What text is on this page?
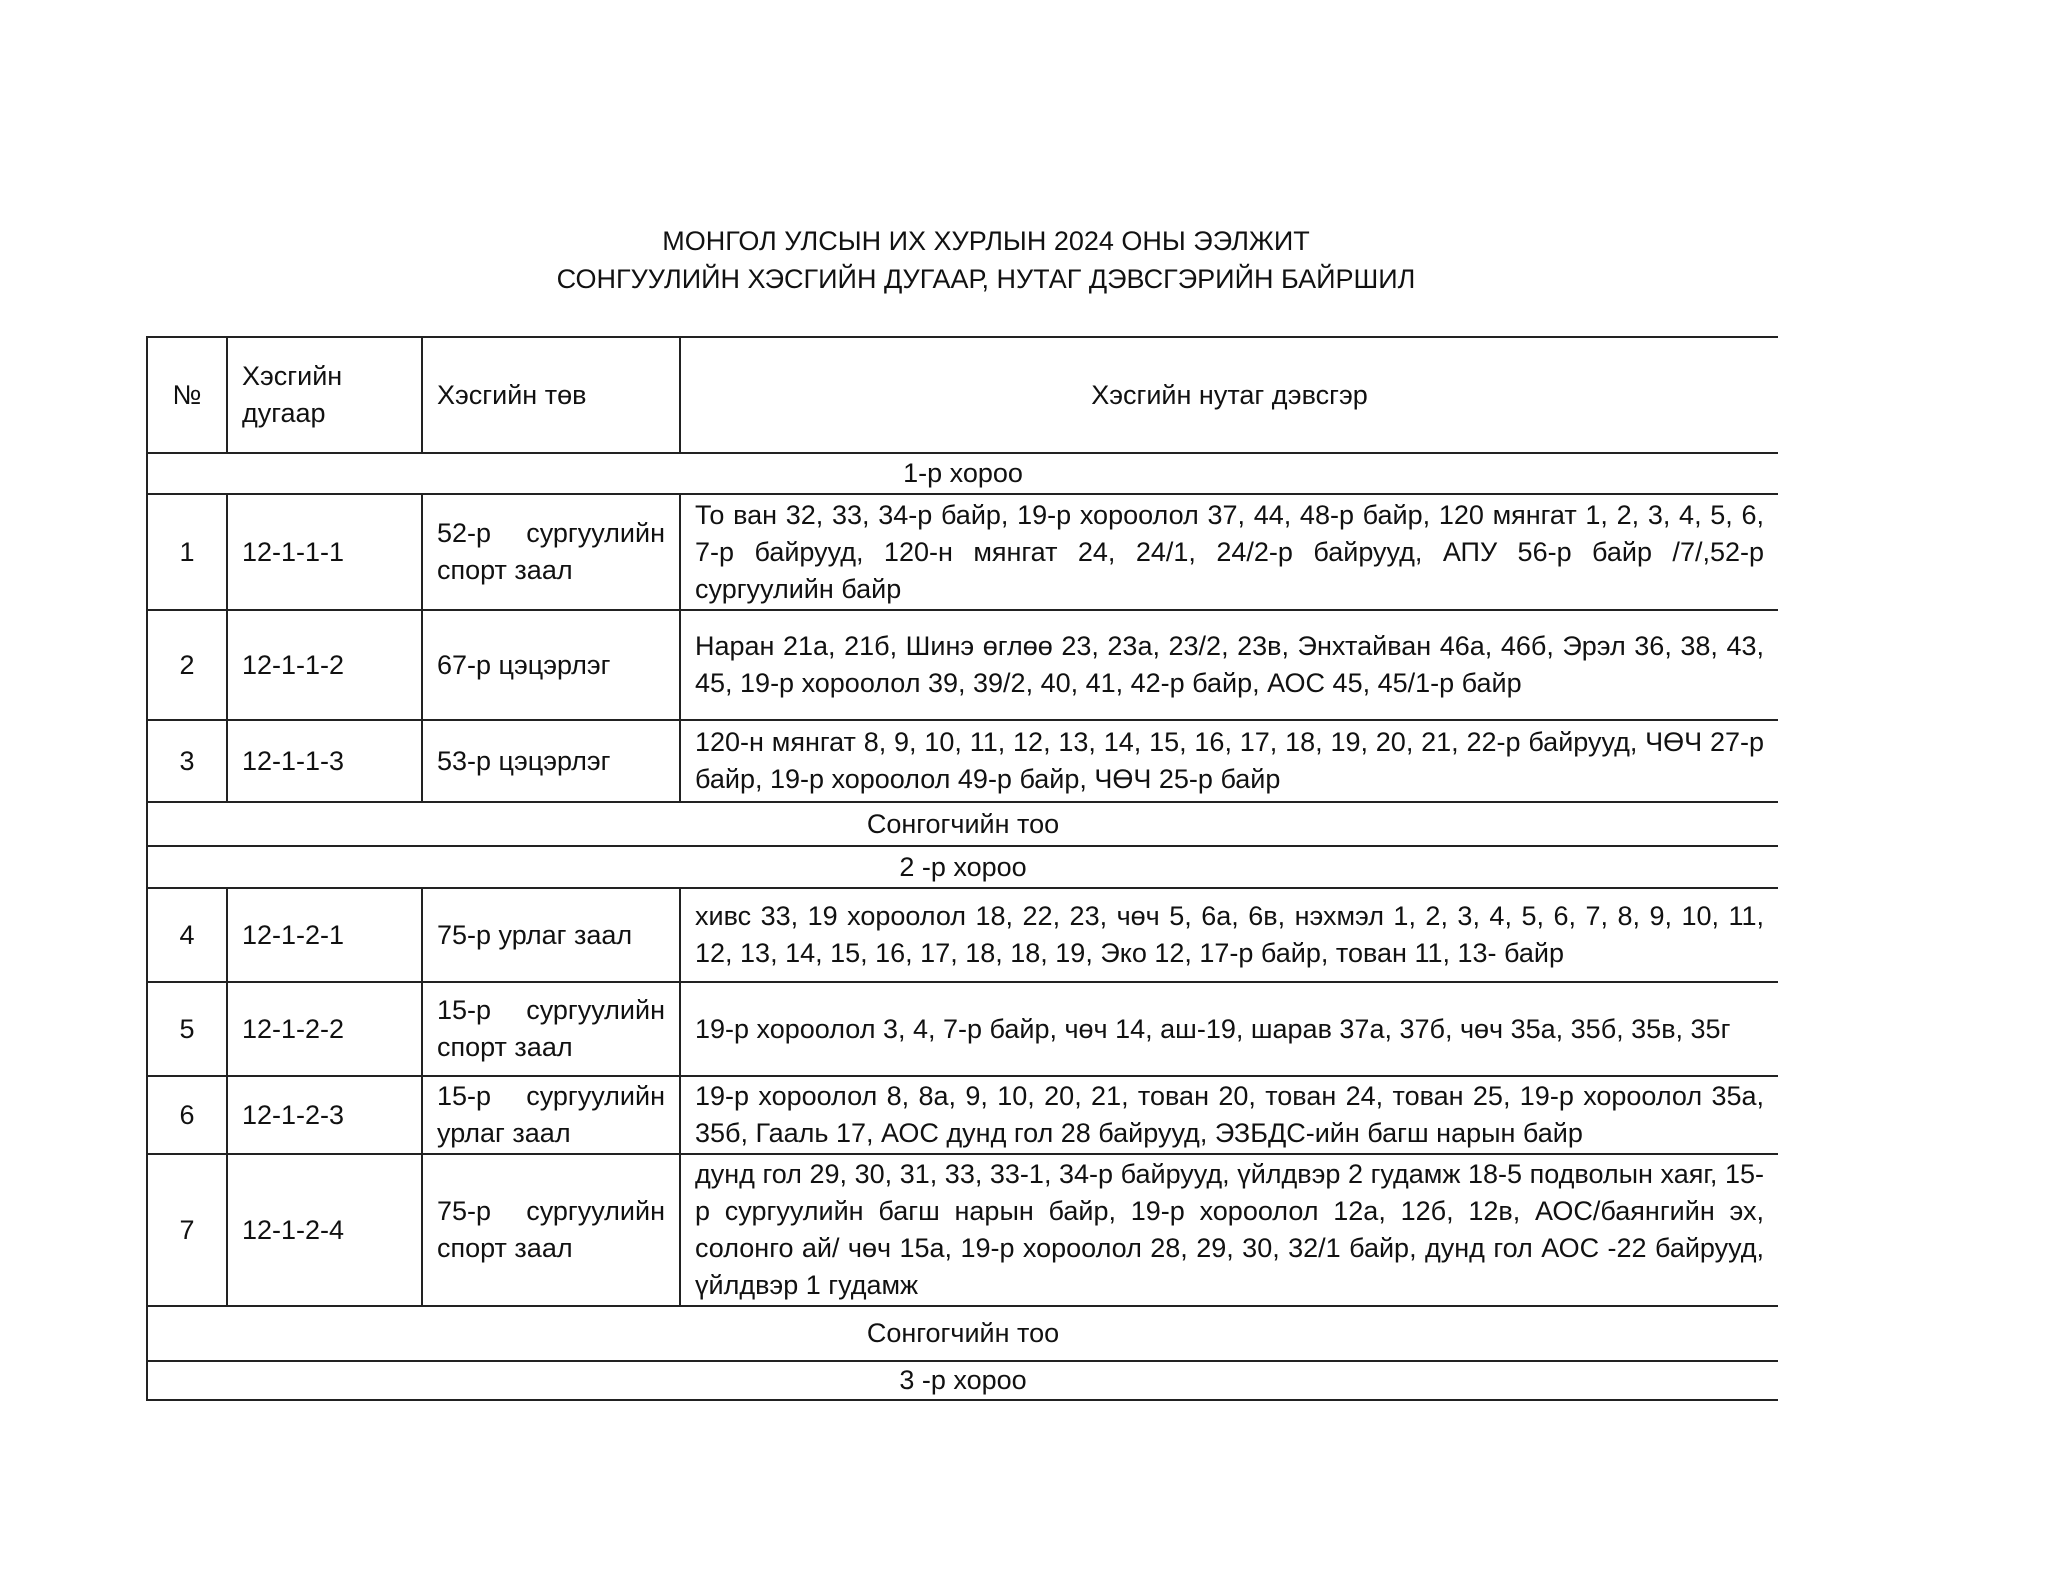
МОНГОЛ УЛСЫН ИХ ХУРЛЫН 2024 ОНЫ ЭЭЛЖИТ
СОНГУУЛИЙН ХЭСГИЙН ДУГААР, НУТАГ ДЭВСГЭРИЙН БАЙРШИЛ
№	Хэсгийн дугаар	Хэсгийн төв	Хэсгийн нутаг дэвсгэр
1-р хороо			
1	12-1-1-1	52-р сургуулийн спорт заал	То ван 32, 33, 34-р байр, 19-р хороолол 37, 44, 48-р байр, 120 мянгат 1, 2, 3, 4, 5, 6, 7-р байрууд, 120-н мянгат 24, 24/1, 24/2-р байрууд, АПУ 56-р байр /7/,52-р сургуулийн байр
2	12-1-1-2	67-р цэцэрлэг	Наран 21а, 21б, Шинэ өглөө 23, 23а, 23/2, 23в, Энхтайван 46а, 46б, Эрэл 36, 38, 43, 45, 19-р хороолол 39, 39/2, 40, 41, 42-р байр, АОС 45, 45/1-р байр
3	12-1-1-3	53-р цэцэрлэг	120-н мянгат 8, 9, 10, 11, 12, 13, 14, 15, 16, 17, 18, 19, 20, 21, 22-р байрууд, ЧӨЧ 27-р байр, 19-р хороолол 49-р байр, ЧӨЧ 25-р байр
Сонгогчийн тоо			
2 -р хороо			
4	12-1-2-1	75-р урлаг заал	хивс 33, 19 хороолол 18, 22, 23, чөч 5, 6а, 6в, нэхмэл 1, 2, 3, 4, 5, 6, 7, 8, 9, 10, 11, 12, 13, 14, 15, 16, 17, 18, 18, 19, Эко 12, 17-р байр, тован 11, 13- байр
5	12-1-2-2	15-р сургуулийн спорт заал	19-р хороолол 3, 4, 7-р байр, чөч 14, аш-19, шарав 37а, 37б, чөч 35а, 35б, 35в, 35г
6	12-1-2-3	15-р сургуулийн урлаг заал	19-р хороолол 8, 8а, 9, 10, 20, 21, тован 20, тован 24, тован 25, 19-р хороолол 35а, 35б, Гааль 17, АОС дунд гол 28 байрууд, ЭЗБДС-ийн багш нарын байр
7	12-1-2-4	75-р сургуулийн спорт заал	дунд гол 29, 30, 31, 33, 33-1, 34-р байрууд, үйлдвэр 2 гудамж 18-5 подволын хаяг, 15-р сургуулийн багш нарын байр, 19-р хороолол 12а, 12б, 12в, АОС/баянгийн эх, солонго ай/ чөч 15а, 19-р хороолол 28, 29, 30, 32/1 байр, дунд гол АОС -22 байрууд, үйлдвэр 1 гудамж
Сонгогчийн тоо			
3 -р хороо			
